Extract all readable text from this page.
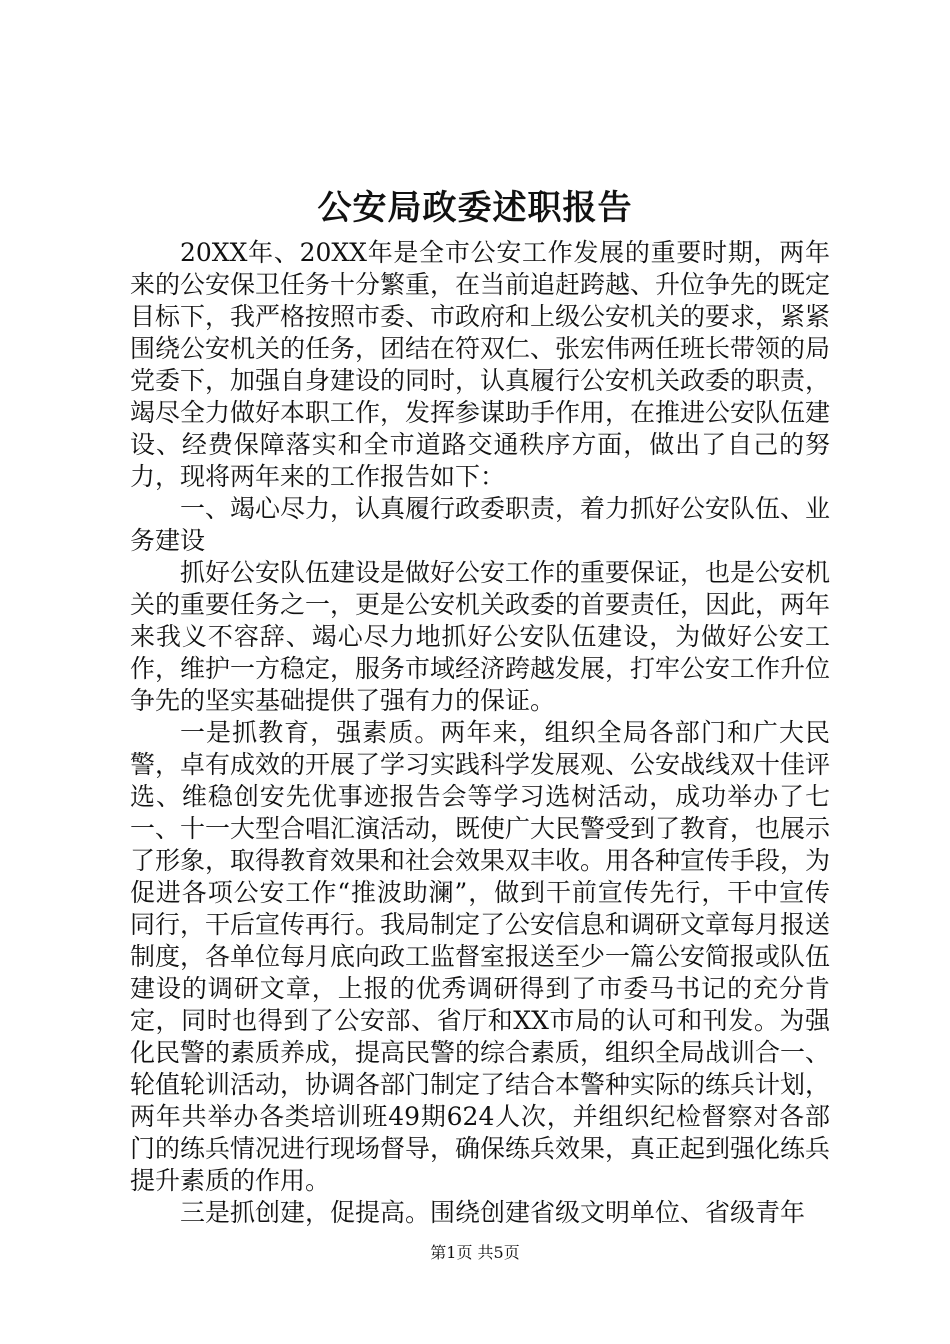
公安局政委述职报告

20XX年、20XX年是全市公安工作发展的重要时期，两年来的公安保卫任务十分繁重，在当前追赶跨越、升位争先的既定目标下，我严格按照市委、市政府和上级公安机关的要求，紧紧围绕公安机关的任务，团结在符双仁、张宏伟两任班长带领的局党委下，加强自身建设的同时，认真履行公安机关政委的职责，竭尽全力做好本职工作，发挥参谋助手作用，在推进公安队伍建设、经费保障落实和全市道路交通秩序方面，做出了自己的努力，现将两年来的工作报告如下：

一、竭心尽力，认真履行政委职责，着力抓好公安队伍、业务建设

抓好公安队伍建设是做好公安工作的重要保证，也是公安机关的重要任务之一，更是公安机关政委的首要责任，因此，两年来我义不容辞、竭心尽力地抓好公安队伍建设，为做好公安工作，维护一方稳定，服务市域经济跨越发展，打牢公安工作升位争先的坚实基础提供了强有力的保证。

一是抓教育，强素质。两年来，组织全局各部门和广大民警，卓有成效的开展了学习实践科学发展观、公安战线双十佳评选、维稳创安先优事迹报告会等学习选树活动，成功举办了七一、十一大型合唱汇演活动，既使广大民警受到了教育，也展示了形象，取得教育效果和社会效果双丰收。用各种宣传手段，为促进各项公安工作“推波助澜”，做到干前宣传先行，干中宣传同行，干后宣传再行。我局制定了公安信息和调研文章每月报送制度，各单位每月底向政工监督室报送至少一篇公安简报或队伍建设的调研文章，上报的优秀调研得到了市委马书记的充分肯定，同时也得到了公安部、省厅和XX市局的认可和刊发。为强化民警的素质养成，提高民警的综合素质，组织全局战训合一、轮值轮训活动，协调各部门制定了结合本警种实际的练兵计划，两年共举办各类培训班49期624人次，并组织纪检督察对各部门的练兵情况进行现场督导，确保练兵效果，真正起到强化练兵提升素质的作用。

三是抓创建，促提高。围绕创建省级文明单位、省级青年

第1页 共5页
